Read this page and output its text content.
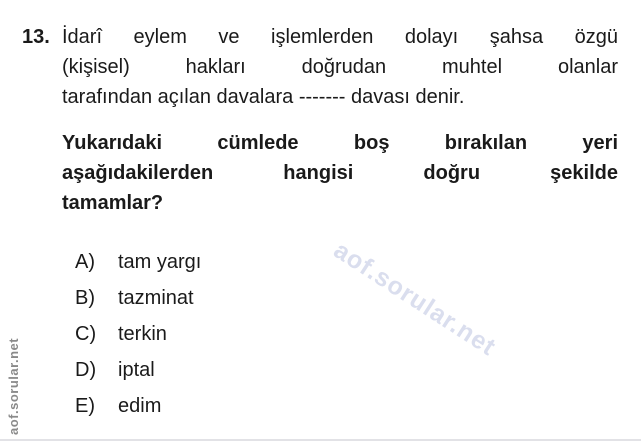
aof.sorular.net
aof.sorular.net
13. İdarî eylem ve işlemlerden dolayı şahsa özgü
(kişisel) hakları doğrudan muhtel olanlar
tarafından açılan davalara ------- davası denir.
Yukarıdaki cümlede boş bırakılan yeri
aşağıdakilerden hangisi doğru şekilde
tamamlar?
A)	tam yargı
B)	tazminat
C)	terkin
D)	iptal
E)	edim
